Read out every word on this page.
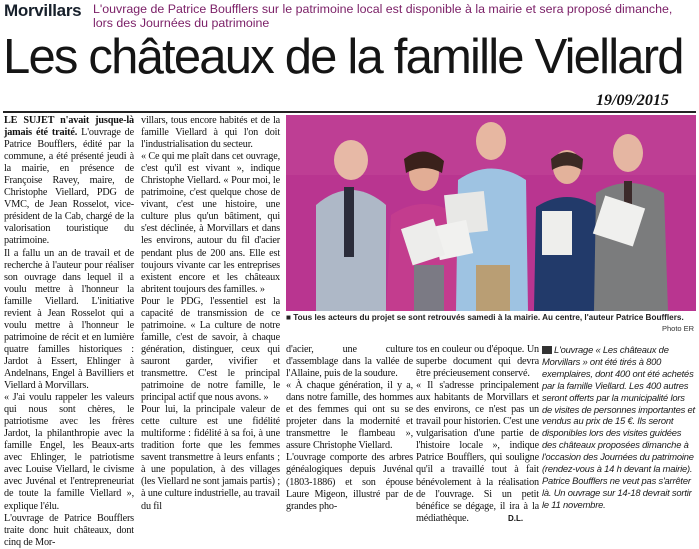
Morvillars L'ouvrage de Patrice Boufflers sur le patrimoine local est disponible à la mairie et sera proposé dimanche, lors des Journées du patrimoine
Les châteaux de la famille Viellard
19/09/2015

LE SUJET n'avait jusque-là jamais été traité. L'ouvrage de Patrice Boufflers, édité par la commune, a été présenté jeudi à la mairie, en présence de Françoise Ravey, maire, de Christophe Viellard, PDG de VMC, de Jean Rosselot, vice-président de la Cab, chargé de la valorisation touristique du patrimoine.

Il a fallu un an de travail et de recherche à l'auteur pour réaliser son ouvrage dans lequel il a voulu mettre à l'honneur la famille Viellard. L'initiative revient à Jean Rosselot qui a voulu mettre à l'honneur le patrimoine de récit et en lumière quatre familles historiques : Jardot à Essert, Ehlinger à Andelnans, Engel à Bavilliers et Viellard à Morvillars.

« J'ai voulu rappeler les valeurs qui nous sont chères, le patriotisme avec les frères Jardot, la philanthropie avec la famille Engel, les Beaux-arts avec Ehlinger, le patriotisme avec Louise Viellard, le civisme avec Juvénal et l'entrepreneuriat de toute la famille Viellard », explique l'élu.

L'ouvrage de Patrice Boufflers traite donc huit châteaux, dont cinq de Mor-

villars, tous encore habités et de la famille Viellard à qui l'on doit l'industrialisation du secteur.

« Ce qui me plaît dans cet ouvrage, c'est qu'il est vivant », indique Christophe Viellard. « Pour moi, le patrimoine, c'est quelque chose de vivant, c'est une histoire, une culture plus qu'un bâtiment, qui s'est déclinée, à Morvillars et dans les environs, autour du fil d'acier pendant plus de 200 ans. Elle est toujours vivante car les entreprises existent encore et les châteaux abritent toujours des familles. »

Pour le PDG, l'essentiel est la capacité de transmission de ce patrimoine. « La culture de notre famille, c'est de savoir, à chaque génération, distinguer, ceux qui sauront garder, vivifier et transmettre. C'est le principal patrimoine de notre famille, le principal actif que nous avons. »

Pour lui, la principale valeur de cette culture est une fidélité multiforme : fidélité à sa foi, à une tradition forte que les femmes savent transmettre à leurs enfants ; à une population, à des villages (les Viellard ne sont jamais partis) ; à une culture industrielle, au travail du fil

■ Tous les acteurs du projet se sont retrouvés samedi à la mairie. Au centre, l'auteur Patrice Boufflers.
Photo ER

d'acier, une culture d'assemblage dans la vallée de l'Allaine, puis de la soudure.

« À chaque génération, il y a, dans notre famille, des hommes et des femmes qui ont su se projeter dans la modernité et transmettre le flambeau », assure Christophe Viellard.

L'ouvrage comporte des arbres généalogiques depuis Juvénal (1803-1886) et son épouse Laure Migeon, illustré par de grandes pho-

tos en couleur ou d'époque. Un superbe document qui devra être précieusement conservé.

« Il s'adresse principalement aux habitants de Morvillars et des environs, ce n'est pas un travail pour historien. C'est une vulgarisation d'une partie de l'histoire locale », indique Patrice Boufflers, qui souligne qu'il a travaillé tout à fait bénévolement à la réalisation de l'ouvrage. Si un petit bénéfice se dégage, il ira à la médiathèque.	D.L.
L'ouvrage « Les châteaux de Morvillars » ont été tirés à 800 exemplaires, dont 400 ont été achetés par la famille Viellard. Les 400 autres seront offerts par la municipalité lors de visites de personnes importantes et vendus au prix de 15 €. Ils seront disponibles lors des visites guidées des châteaux proposées dimanche à l'occasion des Journées du patrimoine (rendez-vous à 14 h devant la mairie). Patrice Boufflers ne veut pas s'arrêter là. Un ouvrage sur 14-18 devrait sortir le 11 novembre.
